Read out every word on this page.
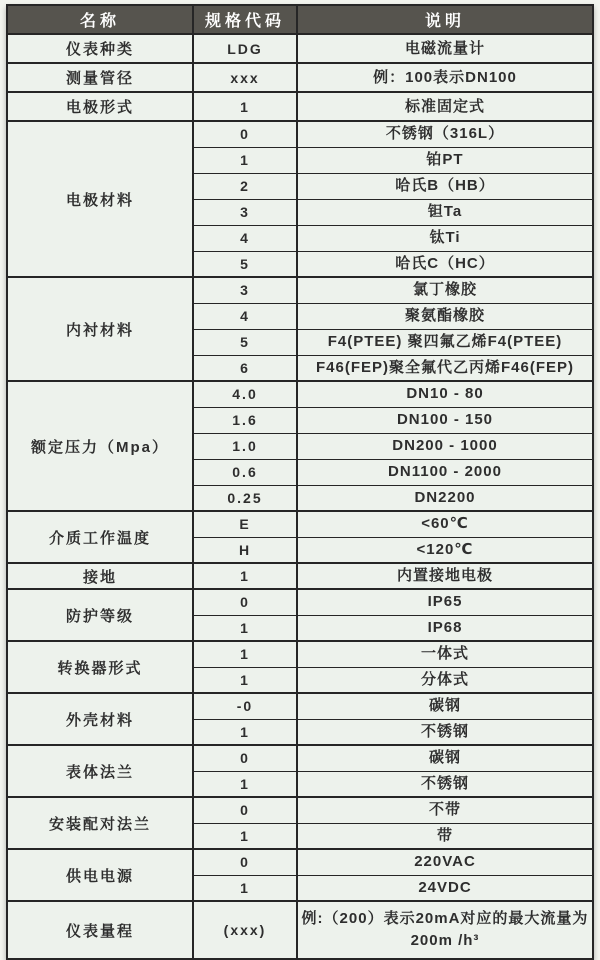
名称	规格代码	说明
仪表种类	LDG	电磁流量计
测量管径	xxx	例：100表示DN100
电极形式	1	标准固定式
电极材料	0	不锈钢（316L）
	1	铂PT
	2	哈氏B（HB）
	3	钽Ta
	4	钛Ti
	5	哈氏C（HC）
内衬材料	3	氯丁橡胶
	4	聚氨酯橡胶
	5	F4(PTEE) 聚四氟乙烯F4(PTEE)
	6	F46(FEP)聚全氟代乙丙烯F46(FEP)
额定压力（Mpa）	4.0	DN10 - 80
	1.6	DN100 - 150
	1.0	DN200 - 1000
	0.6	DN1100 - 2000
	0.25	DN2200
介质工作温度	E	<60℃
	H	<120℃
接地	1	内置接地电极
防护等级	0	IP65
	1	IP68
转换器形式	1	一体式
	1	分体式
外壳材料	-0	碳钢
	1	不锈钢
表体法兰	0	碳钢
	1	不锈钢
安装配对法兰	0	不带
	1	带
供电电源	0	220VAC
	1	24VDC
仪表量程	(xxx)	例:（200）表示20mA对应的最大流量为200m /h³
